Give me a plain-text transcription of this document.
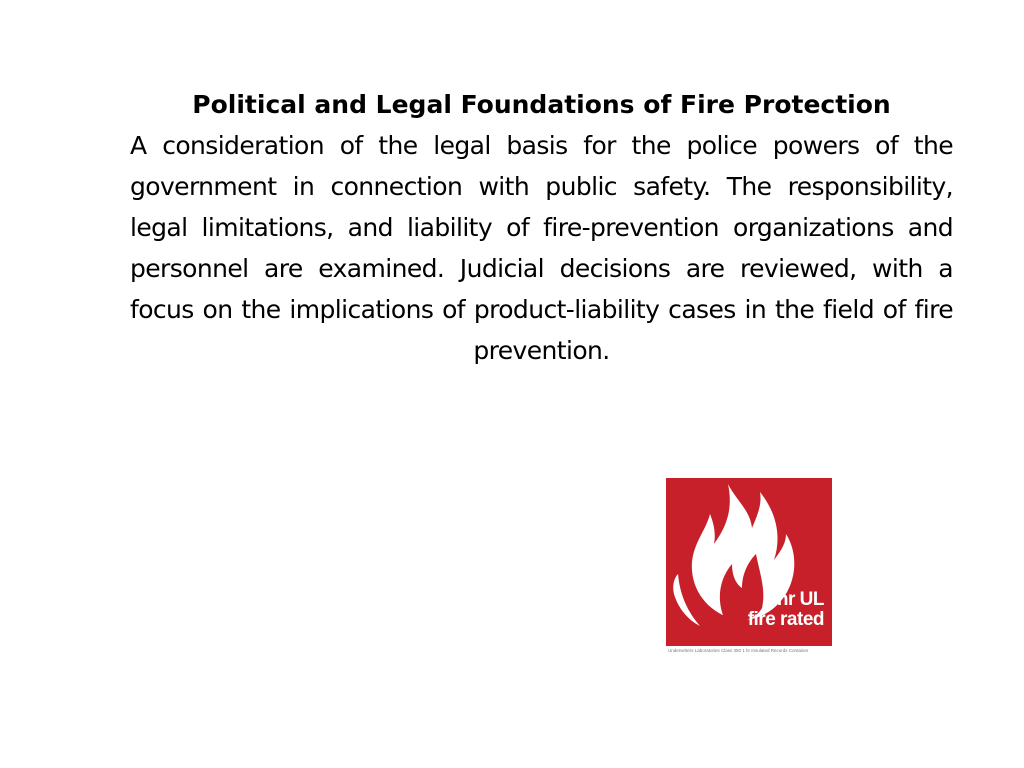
Political and Legal Foundations of Fire Protection

A consideration of the legal basis for the police powers of the government in connection with public safety. The responsibility, legal limitations, and liability of fire-prevention organizations and personnel are examined. Judicial decisions are reviewed, with a focus on the implications of product-liability cases in the field of fire prevention.

1hr UL
fire rated
Underwriters Laboratories Class 350 1 hr Insulated Records Container
